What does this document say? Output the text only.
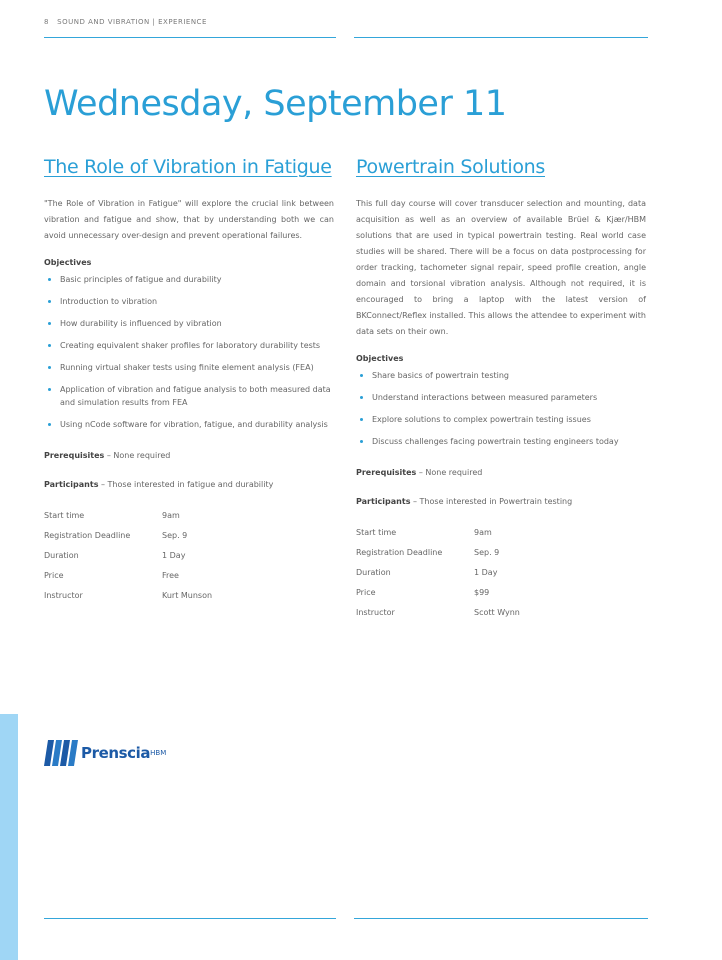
8 SOUND AND VIBRATION | EXPERIENCE
Wednesday, September 11
The Role of Vibration in Fatigue

"The Role of Vibration in Fatigue" will explore the crucial link between vibration and fatigue and show, that by understanding both we can avoid unnecessary over-design and prevent operational failures.

Objectives
• Basic principles of fatigue and durability
• Introduction to vibration
• How durability is influenced by vibration
• Creating equivalent shaker profiles for laboratory durability tests
• Running virtual shaker tests using finite element analysis (FEA)
• Application of vibration and fatigue analysis to both measured data and simulation results from FEA
• Using nCode software for vibration, fatigue, and durability analysis

Prerequisites – None required

Participants – Those interested in fatigue and durability

Start time	9am
Registration Deadline	Sep. 9
Duration	1 Day
Price	Free
Instructor	Kurt Munson
Powertrain Solutions

This full day course will cover transducer selection and mounting, data acquisition as well as an overview of available Brüel & Kjær/HBM solutions that are used in typical powertrain testing. Real world case studies will be shared. There will be a focus on data postprocessing for order tracking, tachometer signal repair, speed profile creation, angle domain and torsional vibration analysis. Although not required, it is encouraged to bring a laptop with the latest version of BKConnect/Reflex installed. This allows the attendee to experiment with data sets on their own.

Objectives
• Share basics of powertrain testing
• Understand interactions between measured parameters
• Explore solutions to complex powertrain testing issues
• Discuss challenges facing powertrain testing engineers today

Prerequisites – None required

Participants – Those interested in Powertrain testing

Start time	9am
Registration Deadline	Sep. 9
Duration	1 Day
Price	$99
Instructor	Scott Wynn
Prenscia HBM
